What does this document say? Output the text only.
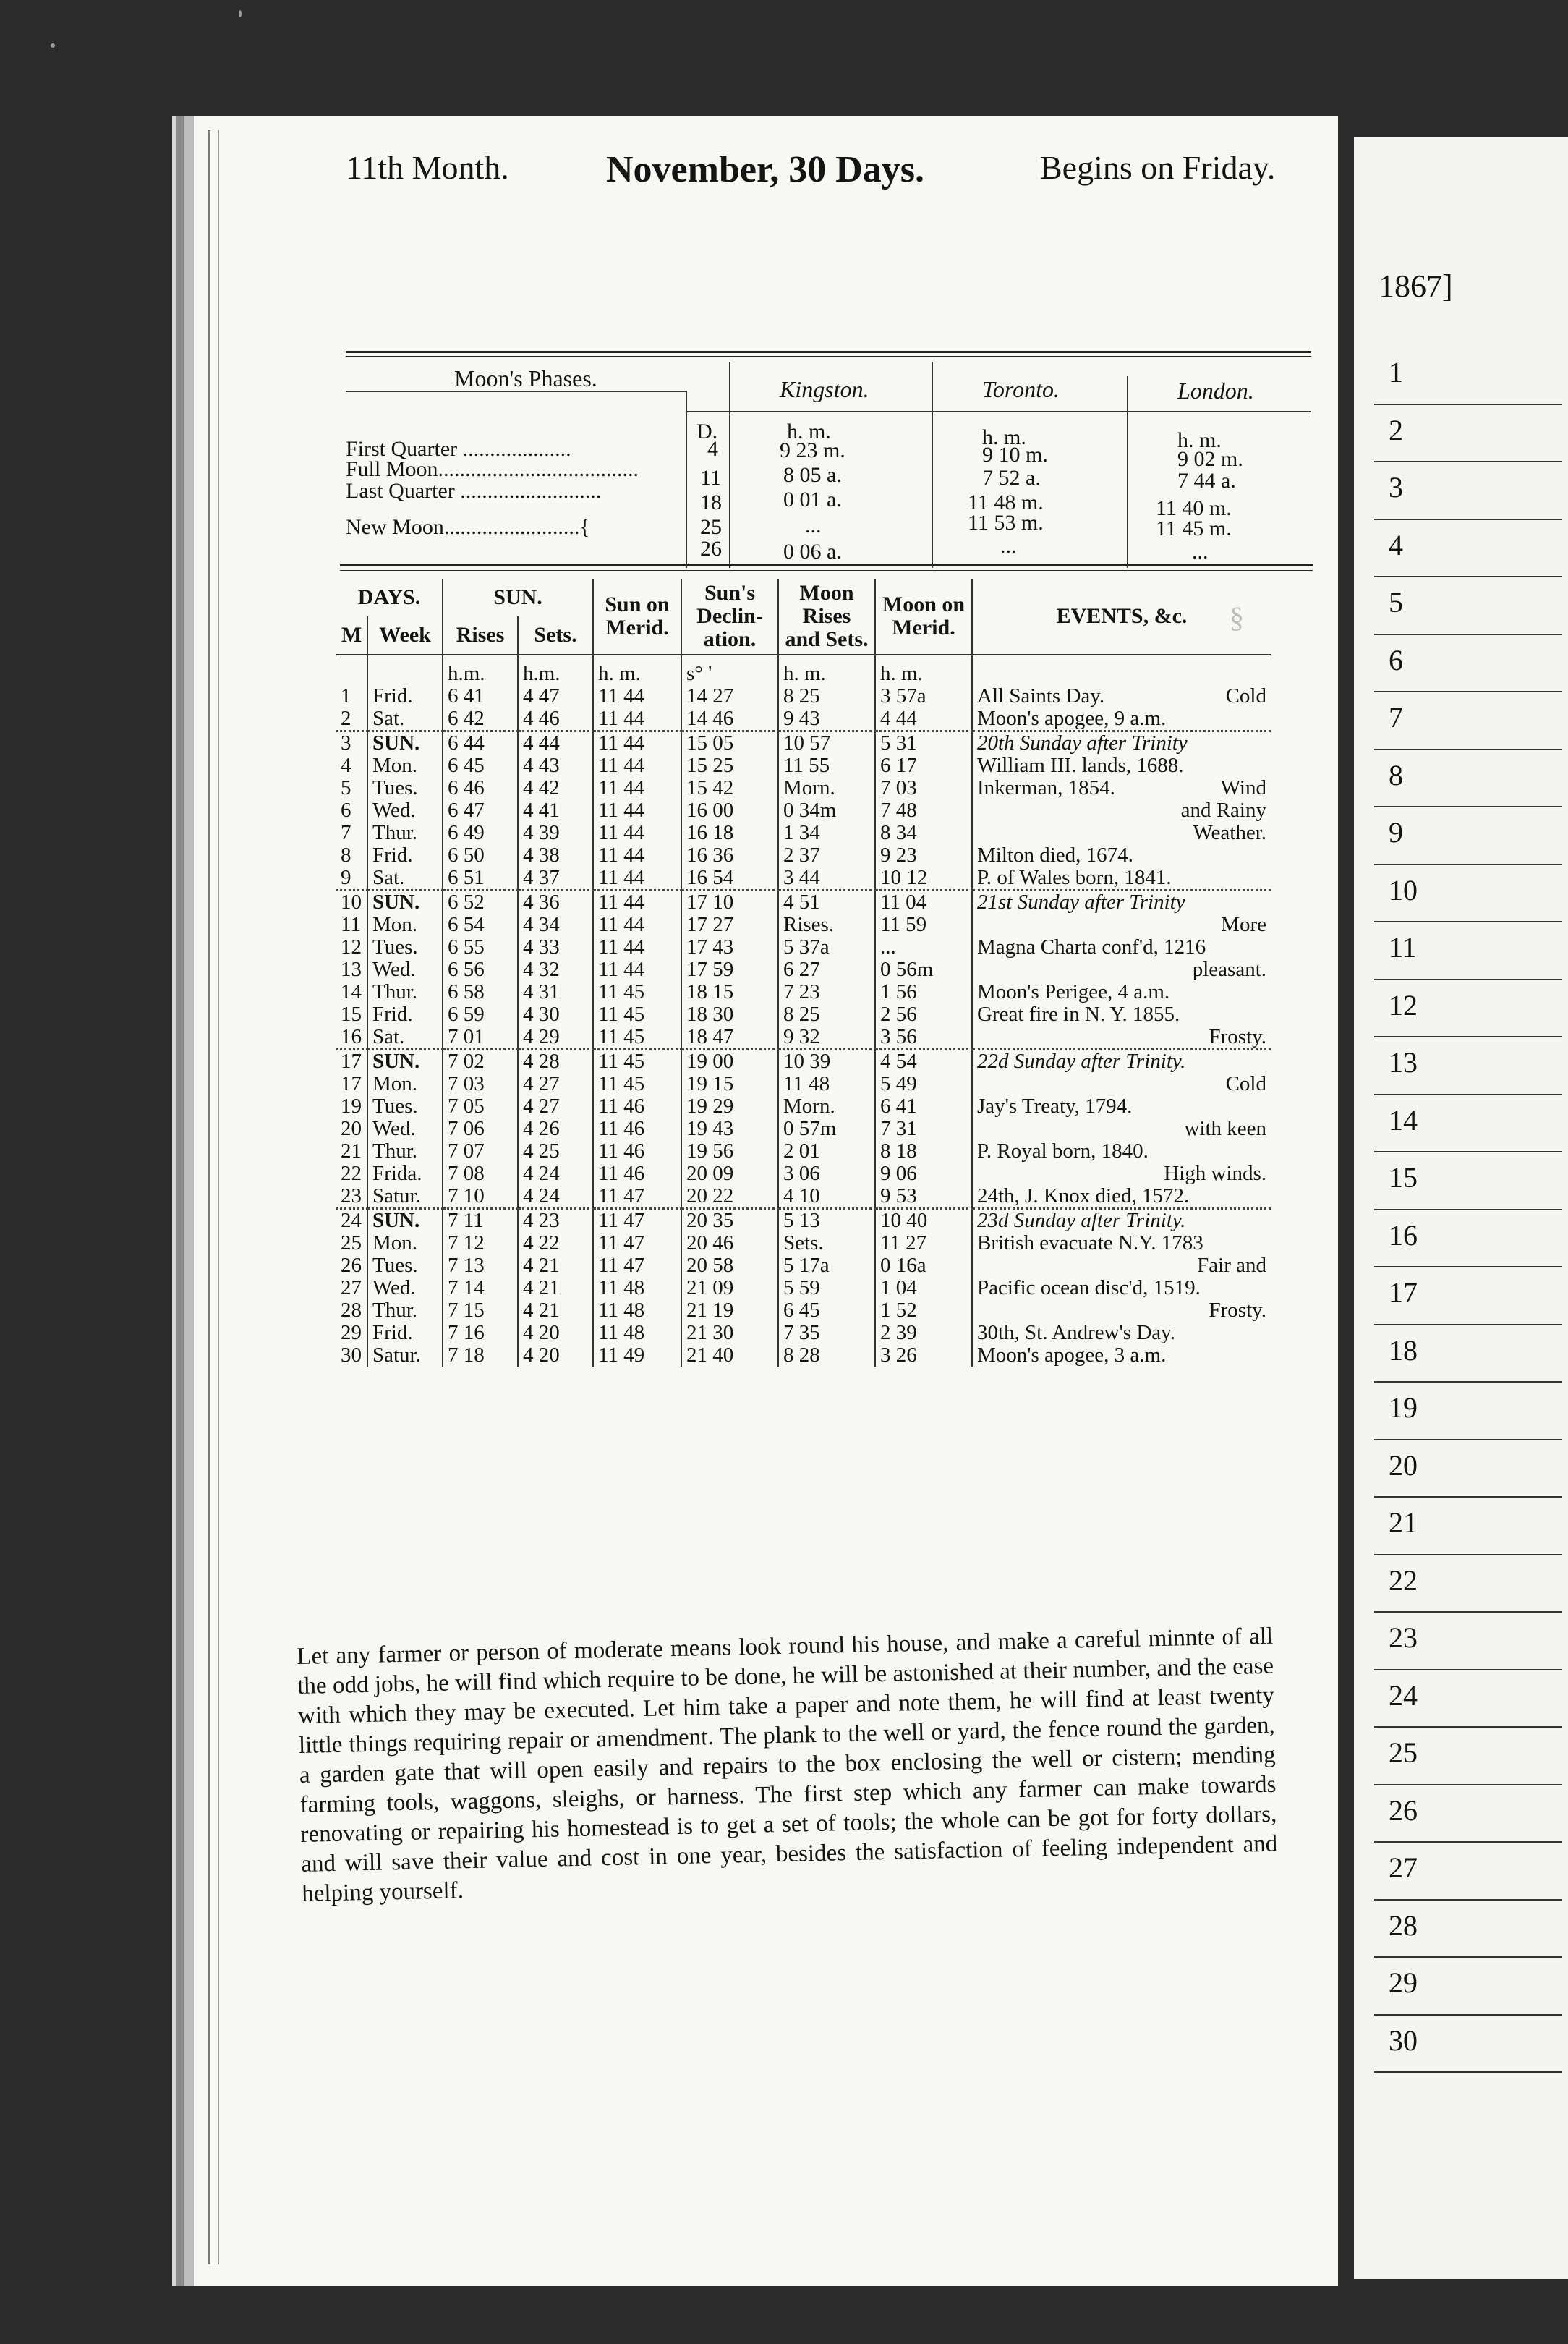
11th Month.	November, 30 Days.	Begins on Friday.
Moon's Phases.	Kingston.	Toronto.	London.
D.	h. m.	h. m.	h. m.
First Quarter ....................	4	9 23 m.	9 10 m.	9 02 m.
Full Moon.....................................	11	8 05 a.	7 52 a.	7 44 a.
Last Quarter ..........................	18	0 01 a.	11 48 m.	11 40 m.
New Moon.........................{	25	...	11 53 m.	11 45 m.
26	0 06 a.	...	...
DAYS.		SUN.		Sun on Merid.	Sun's Declin- ation.	Moon Rises and Sets.	Moon on Merid.	EVENTS, &c.
M	Week	Rises	Sets.					
		h.m.	h.m.	h. m.	s° '	h. m.	h. m.	
1	Frid.	6 41	4 47	11 44	14 27	8 25	3 57a	All Saints Day. Cold

2	Sat.	6 42	4 46	11 44	14 46	9 43	4 44	Moon's apogee, 9 a.m.

3	SUN.	6 44	4 44	11 44	15 05	10 57	5 31	20th Sunday after Trinity

4	Mon.	6 45	4 43	11 44	15 25	11 55	6 17	William III. lands, 1688.

5	Tues.	6 46	4 42	11 44	15 42	Morn.	7 03	Inkerman, 1854. Wind

6	Wed.	6 47	4 41	11 44	16 00	0 34m	7 48	and Rainy

7	Thur.	6 49	4 39	11 44	16 18	1 34	8 34	Weather.

8	Frid.	6 50	4 38	11 44	16 36	2 37	9 23	Milton died, 1674.

9	Sat.	6 51	4 37	11 44	16 54	3 44	10 12	P. of Wales born, 1841.

10	SUN.	6 52	4 36	11 44	17 10	4 51	11 04	21st Sunday after Trinity

11	Mon.	6 54	4 34	11 44	17 27	Rises.	11 59	More

12	Tues.	6 55	4 33	11 44	17 43	5 37a	...	Magna Charta conf'd, 1216

13	Wed.	6 56	4 32	11 44	17 59	6 27	0 56m	pleasant.

14	Thur.	6 58	4 31	11 45	18 15	7 23	1 56	Moon's Perigee, 4 a.m.

15	Frid.	6 59	4 30	11 45	18 30	8 25	2 56	Great fire in N. Y. 1855.

16	Sat.	7 01	4 29	11 45	18 47	9 32	3 56	Frosty.

17	SUN.	7 02	4 28	11 45	19 00	10 39	4 54	22d Sunday after Trinity.

17	Mon.	7 03	4 27	11 45	19 15	11 48	5 49	Cold

19	Tues.	7 05	4 27	11 46	19 29	Morn.	6 41	Jay's Treaty, 1794.

20	Wed.	7 06	4 26	11 46	19 43	0 57m	7 31	with keen

21	Thur.	7 07	4 25	11 46	19 56	2 01	8 18	P. Royal born, 1840.

22	Frida.	7 08	4 24	11 46	20 09	3 06	9 06	High winds.

23	Satur.	7 10	4 24	11 47	20 22	4 10	9 53	24th, J. Knox died, 1572.

24	SUN.	7 11	4 23	11 47	20 35	5 13	10 40	23d Sunday after Trinity.

25	Mon.	7 12	4 22	11 47	20 46	Sets.	11 27	British evacuate N.Y. 1783

26	Tues.	7 13	4 21	11 47	20 58	5 17a	0 16a	Fair and

27	Wed.	7 14	4 21	11 48	21 09	5 59	1 04	Pacific ocean disc'd, 1519.

28	Thur.	7 15	4 21	11 48	21 19	6 45	1 52	Frosty.

29	Frid.	7 16	4 20	11 48	21 30	7 35	2 39	30th, St. Andrew's Day.

30	Satur.	7 18	4 20	11 49	21 40	8 28	3 26	Moon's apogee, 3 a.m.
Let any farmer or person of moderate means look round his house, and make a careful minnte of all the odd jobs, he will find which require to be done, he will be astonished at their number, and the ease with which they may be executed. Let him take a paper and note them, he will find at least twenty little things requiring repair or amendment. The plank to the well or yard, the fence round the garden, a garden gate that will open easily and repairs to the box enclosing the well or cistern; mending farming tools, waggons, sleighs, or harness. The first step which any farmer can make towards renovating or repairing his homestead is to get a set of tools; the whole can be got for forty dollars, and will save their value and cost in one year, besides the satisfaction of feeling independent and helping yourself.
1867]
1
2
3
4
5
6
7
8
9
10
11
12
13
14
15
16
17
18
19
20
21
22
23
24
25
26
27
28
29
30
§
